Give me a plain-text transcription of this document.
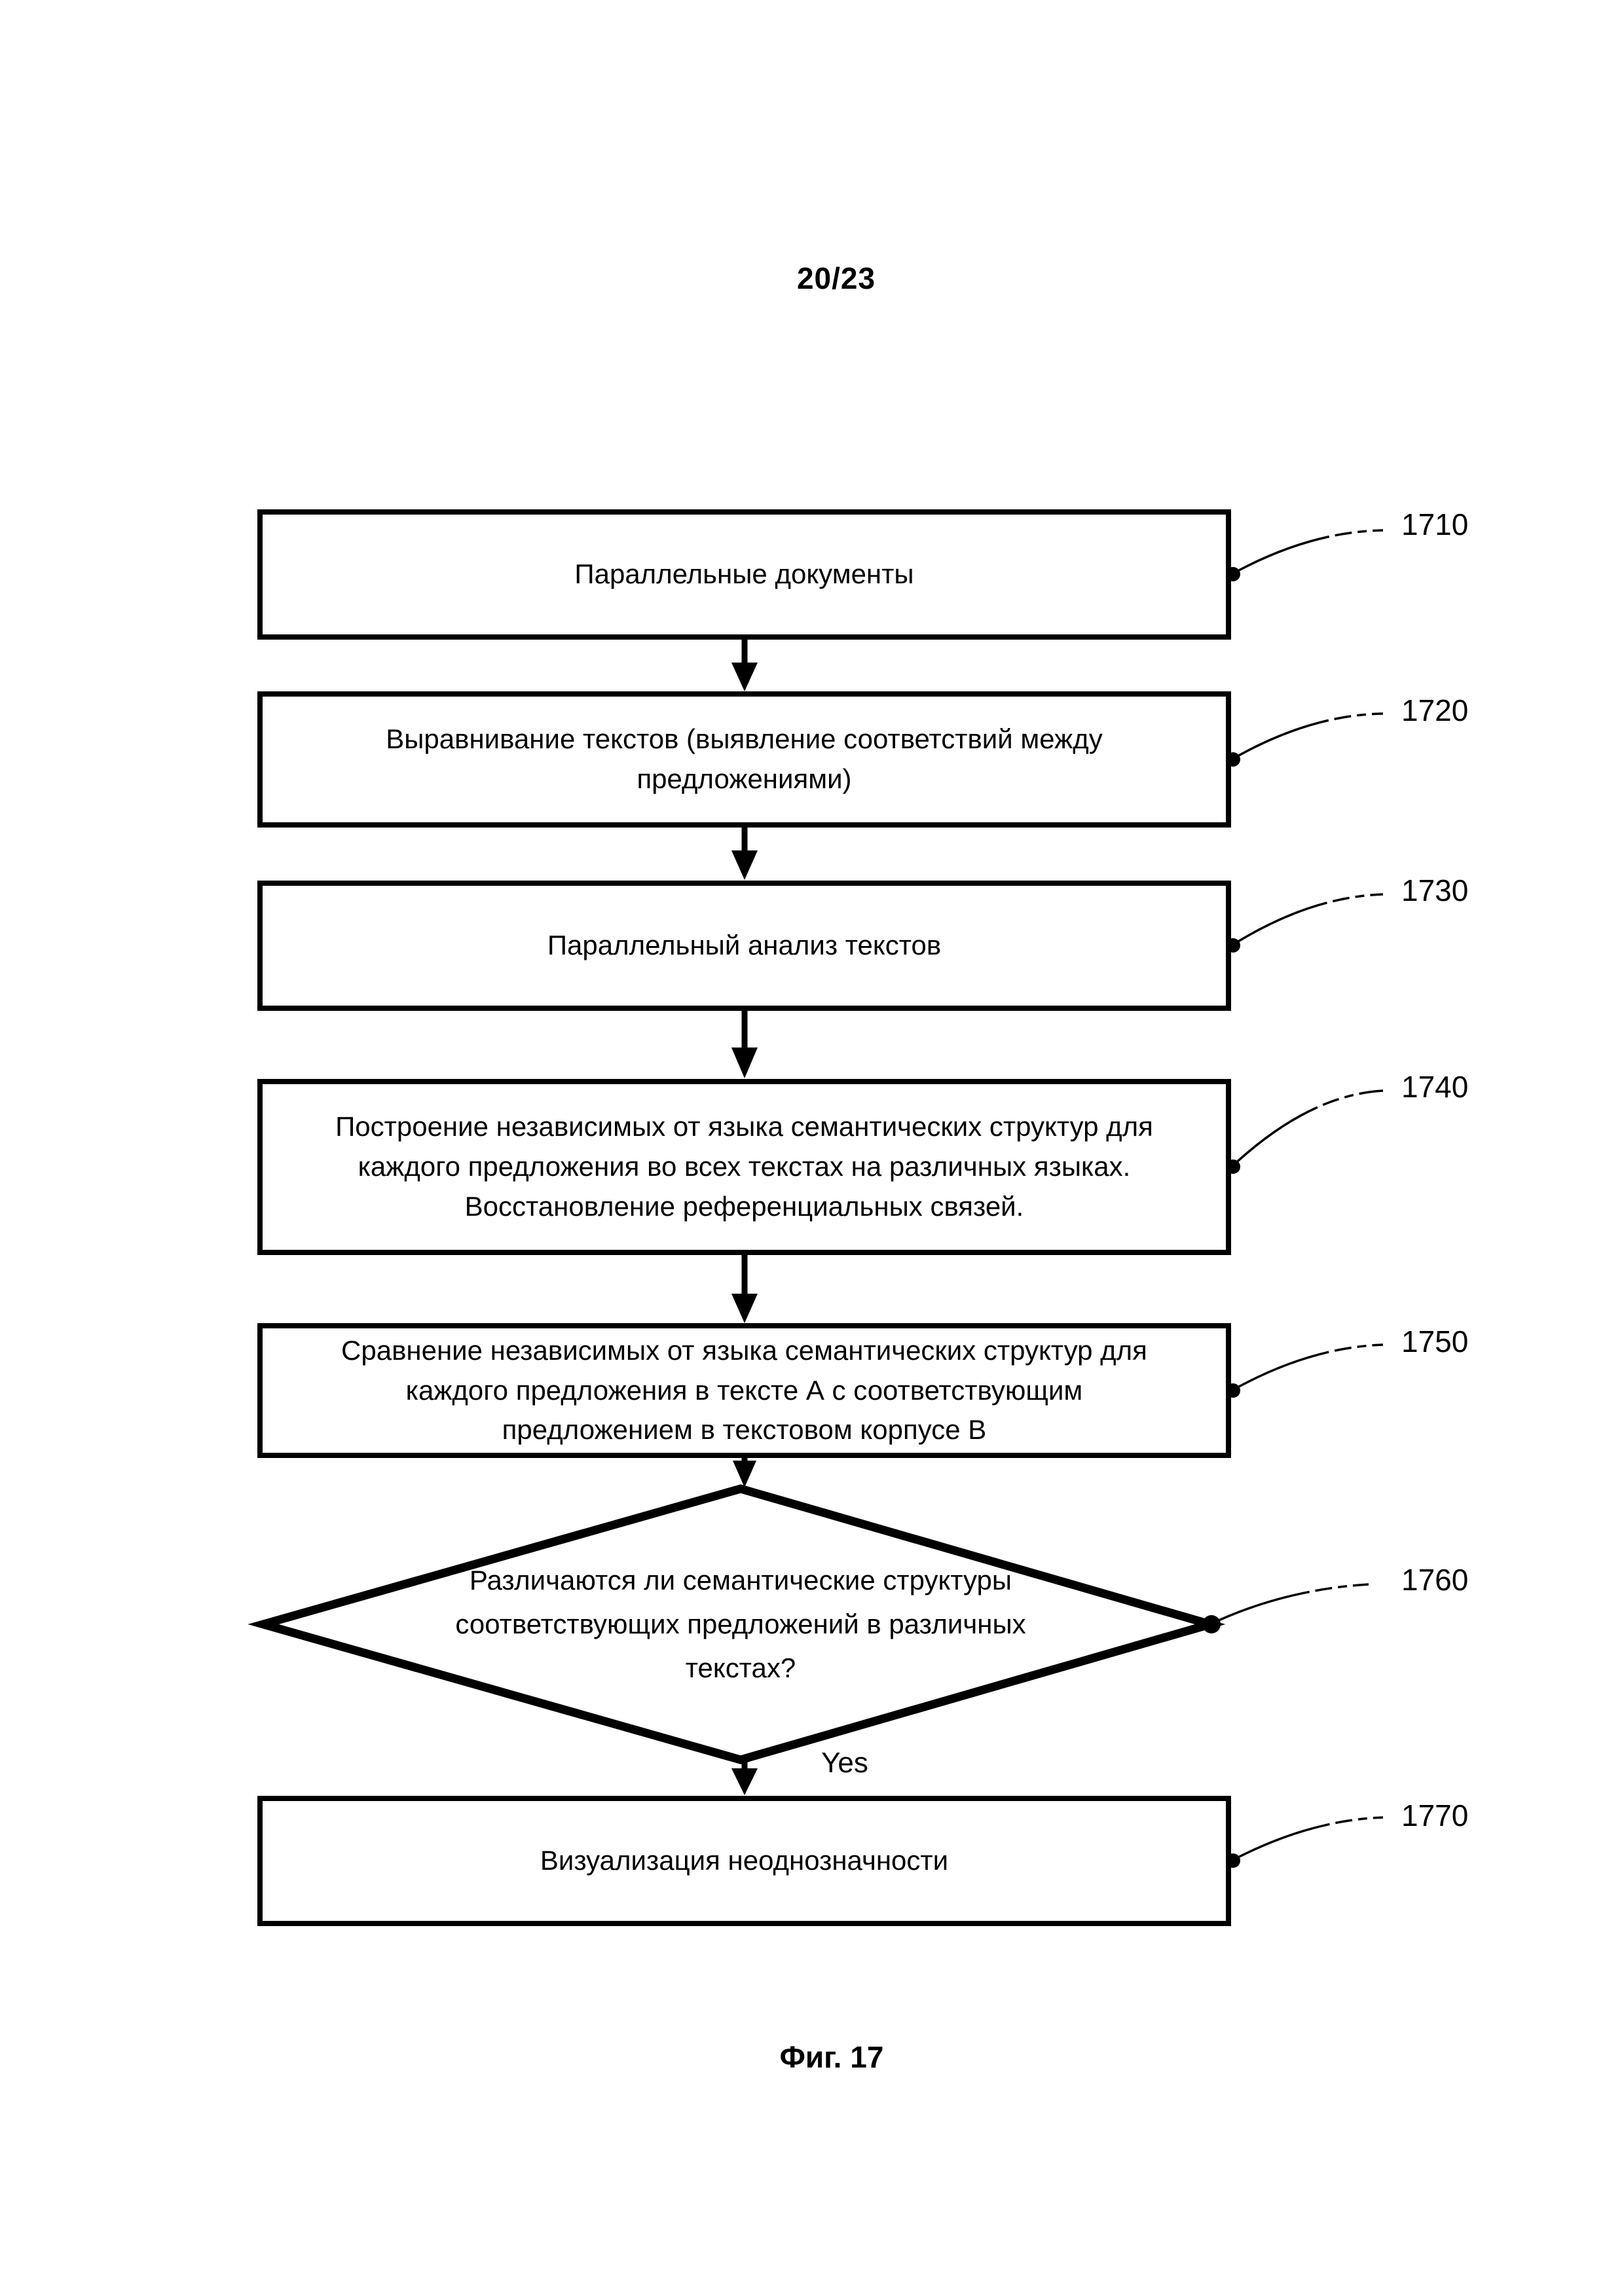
20/23
Параллельные документы
Выравнивание текстов (выявление соответствий между
предложениями)
Параллельный анализ текстов
Построение независимых от языка семантических структур для
каждого предложения во всех текстах на различных языках.
Восстановление референциальных связей.
Сравнение независимых от языка семантических структур для
каждого предложения в тексте А с соответствующим
предложением в текстовом корпусе В
Различаются ли семантические структуры
соответствующих предложений в различных
текстах?
Yes
Визуализация неоднозначности
1710
1720
1730
1740
1750
1760
1770
Фиг. 17
